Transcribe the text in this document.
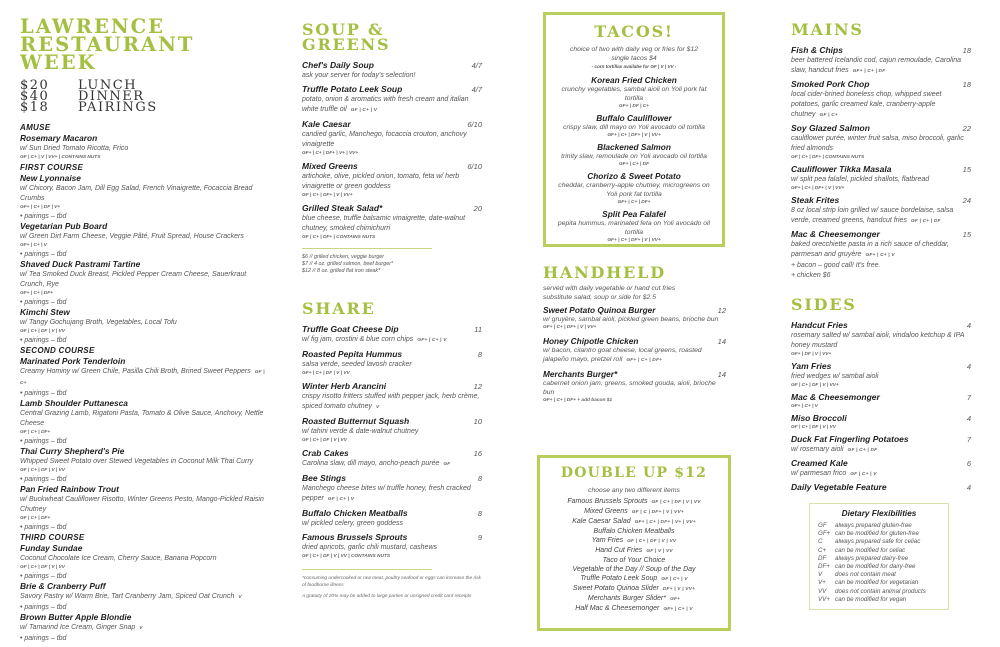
LAWRENCE
RESTAURANT
WEEK
$20	LUNCH
$40	DINNER
$18	PAIRINGS
AMUSE
Rosemary Macaron
w/ Sun Dried Tomato Ricotta, Frico
GF | C+ | V | VV+ | CONTAINS NUTS
FIRST COURSE
New Lyonnaise
w/ Chicory, Bacon Jam, Dill Egg Salad, French Vinaigrette, Focaccia Bread Crumbs
GF+ | C+ | DF | V+
• pairings – tbd
Vegetarian Pub Board
w/ Green Dirt Farm Cheese, Veggie Pâté, Fruit Spread, House Crackers
GF+ | C+ | V
• pairings – tbd
Shaved Duck Pastrami Tartine
w/ Tea Smoked Duck Breast, Pickled Pepper Cream Cheese, Sauerkraut Crunch, Rye
GF+ | C+ | DF+
• pairings – tbd
Kimchi Stew
w/ Tangy Gochujang Broth, Vegetables, Local Tofu
GF | C+ | DF | V | VV
• pairings – tbd
SECOND COURSE
Marinated Pork Tenderloin
Creamy Hominy w/ Green Chile, Pasilla Chili Broth, Brined Sweet Peppers GF | C+
• pairings – tbd
Lamb Shoulder Puttanesca
Central Grazing Lamb, Rigatoni Pasta, Tomato & Olive Sauce, Anchovy, Nettle Cheese
GF | C+ | DF+
• pairings – tbd
Thai Curry Shepherd's Pie
Whipped Sweet Potato over Stewed Vegetables in Coconut Milk Thai Curry
GF | C+ | DF | V | VV
• pairings – tbd
Pan Fried Rainbow Trout
w/ Buckwheat Cauliflower Risotto, Winter Greens Pesto, Mango-Pickled Raisin Chutney
GF | C+ | DF+
• pairings – tbd
THIRD COURSE
Funday Sundae
Coconut Chocolate Ice Cream, Cherry Sauce, Banana Popcorn
GF | C+ | DF | V | VV
• pairings – tbd
Brie & Cranberry Puff
Savory Pastry w/ Warm Brie, Tart Cranberry Jam, Spiced Oat Crunch V
• pairings – tbd
Brown Butter Apple Blondie
w/ Tamarind Ice Cream, Ginger Snap V
• pairings – tbd
SOUP &
GREENS
Chef's Daily Soup	4/7
ask your server for today's selection!
Truffle Potato Leek Soup	4/7
potato, onion & aromatics with fresh cream and italian white truffle oil GF | C+ | V
Kale Caesar	6/10
candied garlic, Manchego, focaccia crouton, anchovy vinaigrette
GF+ | C+ | DF+ | V+ | VV+
Mixed Greens	6/10
artichoke, olive, pickled onion, tomato, feta w/ herb vinaigrette or green goddess
GF | C+ | DF+ | V | VV+
Grilled Steak Salad*	20
blue cheese, truffle balsamic vinaigrette, date-walnut chutney, smoked chimichurri
GF | C+ | DF+ | CONTAINS NUTS
$6 // grilled chicken, veggie burger
$7 // 4 oz. grilled salmon, beef burger*
$12 // 8 oz. grilled flat iron steak*
SHARE
Truffle Goat Cheese Dip	11
w/ fig jam, crostini & blue corn chips GF+ | C+ | V
Roasted Pepita Hummus	8
salsa verde, seeded lavosh cracker
GF+ | C+ | DF | V | VV
Winter Herb Arancini	12
crispy risotto fritters stuffed with pepper jack, herb crème, spiced tomato chutney V
Roasted Butternut Squash	10
w/ tahini verde & date-walnut chutney
GF | C+ | DF | V | VV
Crab Cakes	16
Carolina slaw, dill mayo, ancho-peach purée GF
Bee Stings	8
Manchego cheese bites w/ truffle honey, fresh cracked pepper GF | C+ | V
Buffalo Chicken Meatballs	8
w/ pickled celery, green goddess
Famous Brussels Sprouts	9
dried apricots, garlic chili mustard, cashews
GF | C+ | DF | V | VV | CONTAINS NUTS
*consuming undercooked or raw meat, poultry seafood or eggs can increase the risk of foodborne illness
A gratuity of 20% may be added to large parties or unsigned credit card receipts
TACOS!
choice of two with daily veg or fries for $12
single tacos $4
- corn tortillas availabe for GF | V | VV -
Korean Fried Chicken
crunchy vegetables, sambal aioli on Yoli pork fat tortilla
GF+ | DF | C+
Buffalo Cauliflower
crispy slaw, dill mayo on Yoli avocado oil tortilla
GF+ | C+ | DF+ | V | VV+
Blackened Salmon
trinity slaw, remoulade on Yoli avocado oil tortilla
GF+ | C+ | DF
Chorizo & Sweet Potato
cheddar, cranberry-apple chutney, microgreens on Yoli pork fat tortilla
GF+ | C+ | DF+
Split Pea Falafel
pepita hummus, marinated feta on Yoli avocado oil tortilla
GF+ | C+ | DF+ | V | VV+
HANDHELD
served with daily vegetable or hand cut fries
substitute salad, soup or side for $2.5
Sweet Potato Quinoa Burger	12
w/ gruyère, sambal aioli, pickled green beans, brioche bun
GF+ | C+ | DF+ | V | VV+
Honey Chipotle Chicken	14
w/ bacon, cilantro goat cheese, local greens, roasted jalapeño mayo, pretzel roll GF+ | C+ | DF+
Merchants Burger*	14
cabernet onion jam, greens, smoked gouda, aioli, brioche bun
GF+ | C+ | DF+ + add bacon $1
DOUBLE UP $12
choose any two different items
Famous Brussels Sprouts GF | C+ | DF | V | VV
Mixed Greens GF | C | DF+ | V | VV+
Kale Caesar Salad GF+ | C+ | DF+ | V+ | VV+
Buffalo Chicken Meatballs
Yam Fries GF | C+ | DF | V | VV
Hand Cut Fries GF | V | VV
Taco of Your Choice
Vegetable of the Day // Soup of the Day
Truffle Potato Leek Soup GF | C+ | V
Sweet Potato Quinoa Slider DF+ | V | VV+
Merchants Burger Slider* GF+
Half Mac & Cheesemonger GF+ | C+ | V
MAINS
Fish & Chips	18
beer battered Icelandic cod, cajun remoulade, Carolina slaw, handcut fries GF+ | C+ | DF
Smoked Pork Chop	18
local cider-brined boneless chop, whipped sweet potatoes, garlic creamed kale, cranberry-apple chutney GF | C+
Soy Glazed Salmon	22
cauliflower purée, winter fruit salsa, miso broccoli, garlic fried almonds
GF | C+ | DF+ | CONTAINS NUTS
Cauliflower Tikka Masala	15
w/ split pea falafel, pickled shallots, flatbread
GF+ | C+ | DF+ | V | VV+
Steak Frites	24
8 oz local strip loin grilled w/ sauce bordelaise, salsa verde, creamed greens, handcut fries GF | C+ | DF
Mac & Cheesemonger	15
baked orecchiette pasta in a rich sauce of cheddar, parmesan and gruyère GF+ | C+ | V
+ bacon – good call! It's free.
+ chicken $6
SIDES
Handcut Fries	4
rosemary salted w/ sambal aioli, vindaloo ketchup & IPA honey mustard
GF+ | DF | V | VV+
Yam Fries	4
fried wedges w/ sambal aioli
GF | C+ | DF | V | VV+
Mac & Cheesemonger	7
GF+ | C+ | V
Miso Broccoli	4
GF | C+ | DF | V | VV
Duck Fat Fingerling Potatoes	7
w/ rosemary aioli GF | C+ | DF
Creamed Kale	6
w/ parmesan frico GF | C+ | V
Daily Vegetable Feature	4
Dietary Flexibilities
GF	always prepared gluten-free
GF+ can be modified for gluten-free
C	always prepared safe for celiac
C+	can be modified for celiac
DF	always prepared dairy-free
DF+ can be modified for dairy-free
V	does not contain meat
V+	can be modified for vegetarian
VV	does not contain animal products
VV+ can be modified for vegan
